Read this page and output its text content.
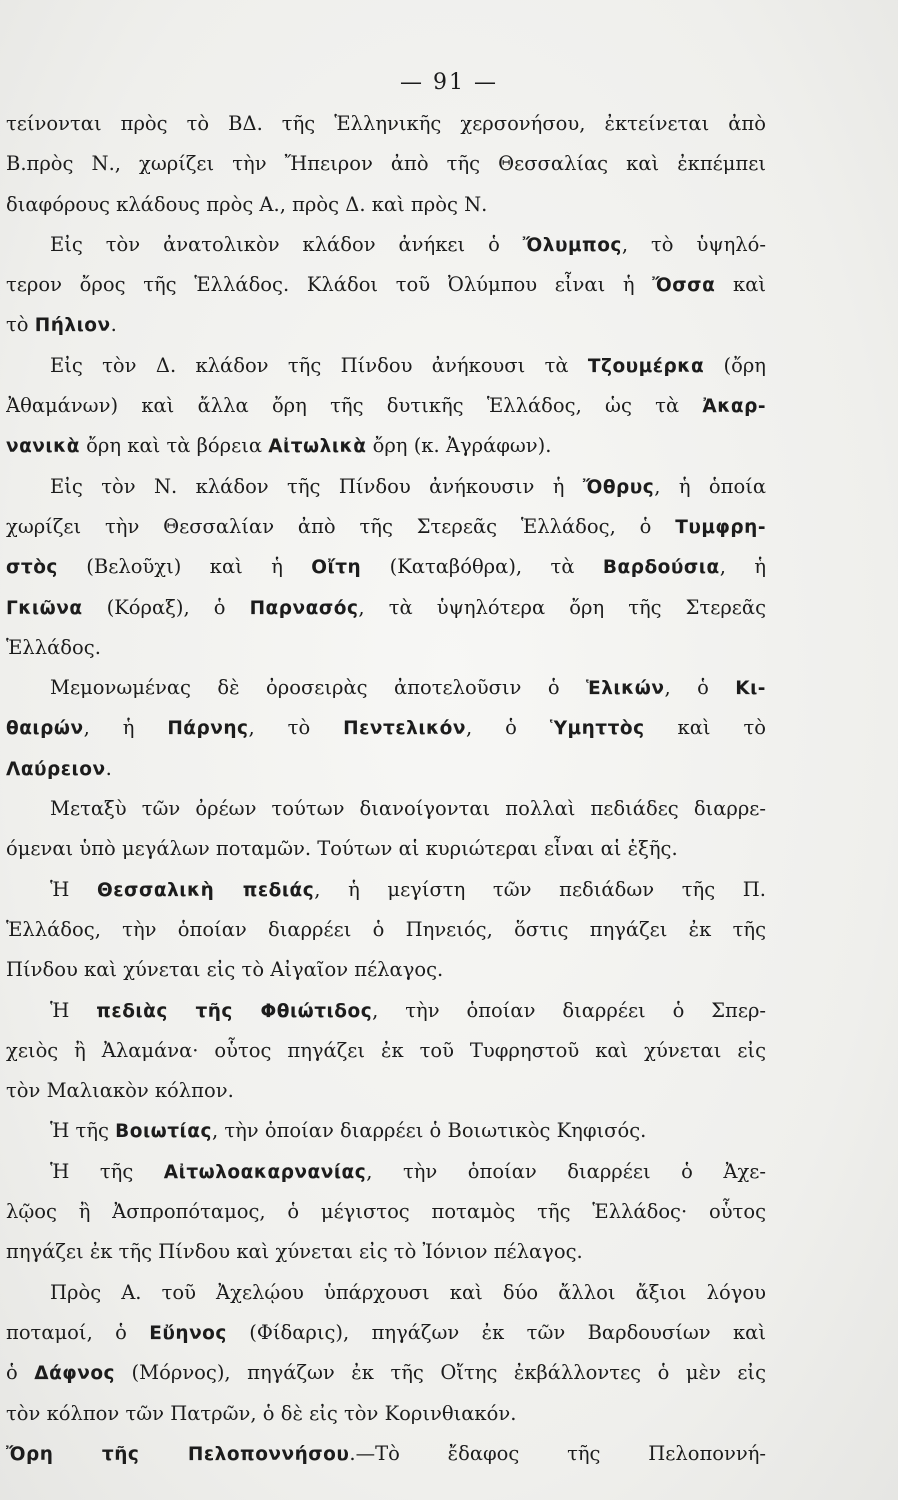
— 91 —
τείνονται πρὸς τὸ ΒΔ. τῆς Ἑλληνικῆς χερσονήσου, ἐκτείνεται ἀπὸ
Β.πρὸς Ν., χωρίζει τὴν Ἤπειρον ἀπὸ τῆς Θεσσαλίας καὶ ἐκπέμπει
διαφόρους κλάδους πρὸς Α., πρὸς Δ. καὶ πρὸς Ν.
Εἰς τὸν ἀνατολικὸν κλάδον ἀνήκει ὁ Ὄλυμπος, τὸ ὑψηλό-
τερον ὄρος τῆς Ἑλλάδος. Κλάδοι τοῦ Ὀλύμπου εἶναι ἡ Ὄσσα καὶ
τὸ Πήλιον.
Εἰς τὸν Δ. κλάδον τῆς Πίνδου ἀνήκουσι τὰ Τζουμέρκα (ὄρη
Ἀθαμάνων) καὶ ἄλλα ὄρη τῆς δυτικῆς Ἑλλάδος, ὡς τὰ Ἀκαρ-
νανικὰ ὄρη καὶ τὰ βόρεια Αἰτωλικὰ ὄρη (κ. Ἀγράφων).
Εἰς τὸν Ν. κλάδον τῆς Πίνδου ἀνήκουσιν ἡ Ὄθρυς, ἡ ὁποία
χωρίζει τὴν Θεσσαλίαν ἀπὸ τῆς Στερεᾶς Ἑλλάδος, ὁ Τυμφρη-
στὸς (Βελοῦχι) καὶ ἡ Οἴτη (Καταβόθρα), τὰ Βαρδούσια, ἡ
Γκιῶνα (Κόραξ), ὁ Παρνασός, τὰ ὑψηλότερα ὄρη τῆς Στερεᾶς
Ἑλλάδος.
Μεμονωμένας δὲ ὀροσειρὰς ἀποτελοῦσιν ὁ Ἑλικών, ὁ Κι-
θαιρών, ἡ Πάρνης, τὸ Πεντελικόν, ὁ Ὑμηττὸς καὶ τὸ
Λαύρειον.
Μεταξὺ τῶν ὀρέων τούτων διανοίγονται πολλαὶ πεδιάδες διαρρε-
όμεναι ὑπὸ μεγάλων ποταμῶν. Τούτων αἱ κυριώτεραι εἶναι αἱ ἑξῆς.
Ἡ Θεσσαλικὴ πεδιάς, ἡ μεγίστη τῶν πεδιάδων τῆς Π.
Ἑλλάδος, τὴν ὁποίαν διαρρέει ὁ Πηνειός, ὅστις πηγάζει ἐκ τῆς
Πίνδου καὶ χύνεται εἰς τὸ Αἰγαῖον πέλαγος.
Ἡ πεδιὰς τῆς Φθιώτιδος, τὴν ὁποίαν διαρρέει ὁ Σπερ-
χειὸς ἢ Ἀλαμάνα· οὗτος πηγάζει ἐκ τοῦ Τυφρηστοῦ καὶ χύνεται εἰς
τὸν Μαλιακὸν κόλπον.
Ἡ τῆς Βοιωτίας, τὴν ὁποίαν διαρρέει ὁ Βοιωτικὸς Κηφισός.
Ἡ τῆς Αἰτωλοακαρνανίας, τὴν ὁποίαν διαρρέει ὁ Ἀχε-
λῷος ἢ Ἀσπροπόταμος, ὁ μέγιστος ποταμὸς τῆς Ἑλλάδος· οὗτος
πηγάζει ἐκ τῆς Πίνδου καὶ χύνεται εἰς τὸ Ἰόνιον πέλαγος.
Πρὸς Α. τοῦ Ἀχελῴου ὑπάρχουσι καὶ δύο ἄλλοι ἄξιοι λόγου
ποταμοί, ὁ Εὔηνος (Φίδαρις), πηγάζων ἐκ τῶν Βαρδουσίων καὶ
ὁ Δάφνος (Μόρνος), πηγάζων ἐκ τῆς Οἴτης ἐκβάλλοντες ὁ μὲν εἰς
τὸν κόλπον τῶν Πατρῶν, ὁ δὲ εἰς τὸν Κορινθιακόν.
Ὄρη τῆς Πελοποννήσου.—Τὸ ἔδαφος τῆς Πελοποννή-
